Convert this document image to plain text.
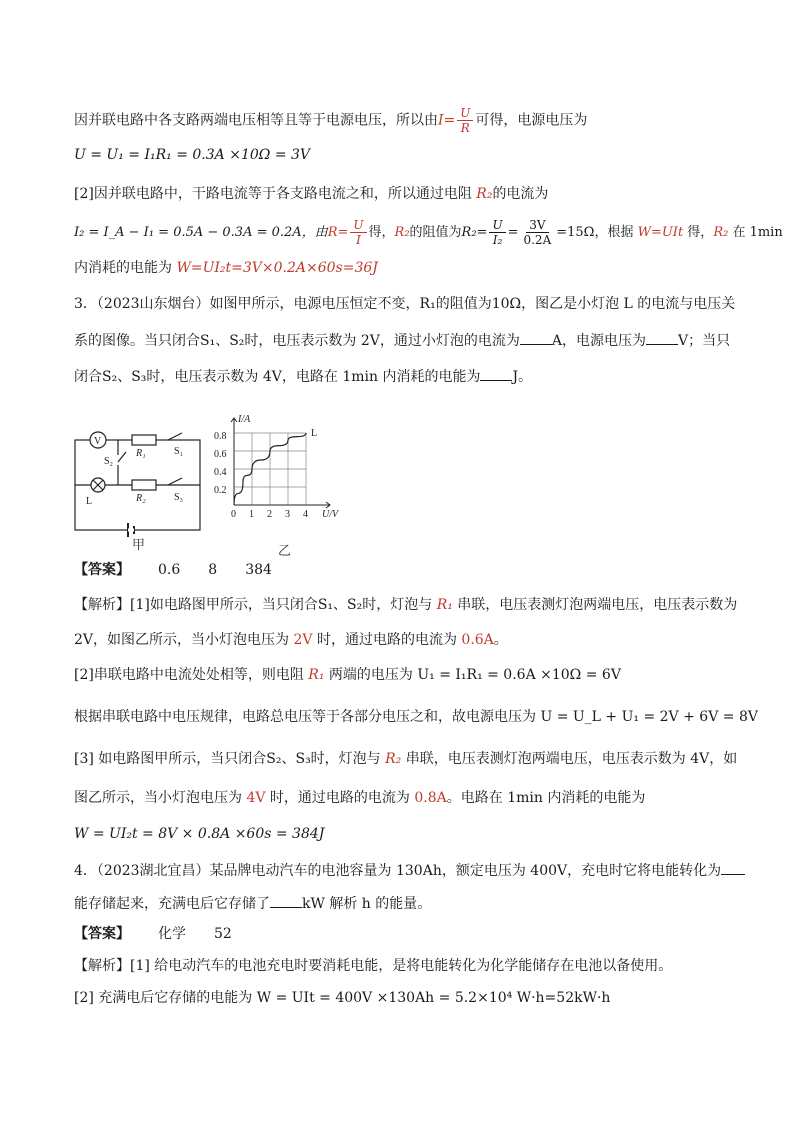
因并联电路中各支路两端电压相等且等于电源电压，所以由$I= \frac{U}{R}$ 可得，电源电压为
U = U₁ = I₁R₁ = 0.3A ×10Ω = 3V
[2]因并联电路中，干路电流等于各支路电流之和，所以通过电阻 R₂的电流为
I₂ = I_A − I₁ = 0.5A − 0.3A = 0.2A，由$R= \frac{U}{I}$ 得，R₂的阻值为$R_2= \frac{U}{\text{I₂}} = \frac{3V}{0.2A} =15\Omega$，根据 W=UIt 得，R₂ 在 1min
内消耗的电能为 W=UI₂t=3V×0.2A×60s=36J
3．（2023山东烟台）如图甲所示，电源电压恒定不变，R₁的阻值为10Ω，图乙是小灯泡 L 的电流与电压关
系的图像。当只闭合S₁、S₂时，电压表示数为 2V，通过小灯泡的电流为 A，电源电压为 V；当只
闭合S₂、S₃时，电压表示数为 4V，电路在 1min 内消耗的电能为 J。
V
R₁
R₂
S₁
S₃
S₂
L
I/A
U/V
L
0.8
0.6
0.4
0.2
0 1 2 3 4
甲	乙
【答案】 0.6 8 384
【解析】[1]如电路图甲所示，当只闭合S₁、S₂时，灯泡与 R₁ 串联，电压表测灯泡两端电压，电压表示数为
2V，如图乙所示，当小灯泡电压为 2V 时，通过电路的电流为 0.6A。
[2]串联电路中电流处处相等，则电阻 R₁ 两端的电压为 U₁ = I₁R₁ = 0.6A ×10Ω = 6V
根据串联电路中电压规律，电路总电压等于各部分电压之和，故电源电压为 U = U_L + U₁ = 2V + 6V = 8V
[3] 如电路图甲所示，当只闭合S₂、S₃时，灯泡与 R₂ 串联，电压表测灯泡两端电压，电压表示数为 4V，如
图乙所示，当小灯泡电压为 4V 时，通过电路的电流为 0.8A。电路在 1min 内消耗的电能为
W = UI₂t = 8V × 0.8A ×60s = 384J
4．（2023湖北宜昌）某品牌电动汽车的电池容量为 130Ah，额定电压为 400V，充电时它将电能转化为
能存储起来，充满电后它存储了 kW 解析 h 的能量。
【答案】 化学 52
【解析】[1] 给电动汽车的电池充电时要消耗电能，是将电能转化为化学能储存在电池以备使用。
[2] 充满电后它存储的电能为 W = UIt = 400V ×130Ah = 5.2×10⁴ W·h=52kW·h
